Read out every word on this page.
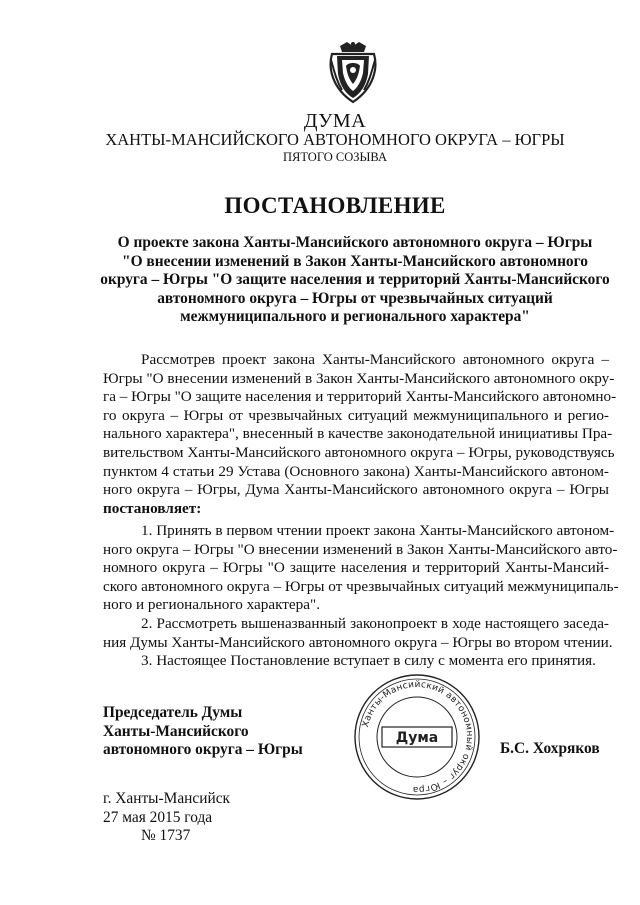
ДУМА
ХАНТЫ-МАНСИЙСКОГО АВТОНОМНОГО ОКРУГА – ЮГРЫ
ПЯТОГО СОЗЫВА
ПОСТАНОВЛЕНИЕ
О проекте закона Ханты-Мансийского автономного округа – Югры
"О внесении изменений в Закон Ханты-Мансийского автономного
округа – Югры "О защите населения и территорий Ханты-Мансийского
автономного округа – Югры от чрезвычайных ситуаций
межмуниципального и регионального характера"
Рассмотрев проект закона Ханты-Мансийского автономного округа –
Югры "О внесении изменений в Закон Ханты-Мансийского автономного окру-
га – Югры "О защите населения и территорий Ханты-Мансийского автономно-
го округа – Югры от чрезвычайных ситуаций межмуниципального и регио-
нального характера", внесенный в качестве законодательной инициативы Пра-
вительством Ханты-Мансийского автономного округа – Югры, руководствуясь
пунктом 4 статьи 29 Устава (Основного закона) Ханты-Мансийского автоном-
ного округа – Югры, Дума Ханты-Мансийского автономного округа – Югры
постановляет:
1. Принять в первом чтении проект закона Ханты-Мансийского автоном-
ного округа – Югры "О внесении изменений в Закон Ханты-Мансийского авто-
номного округа – Югры "О защите населения и территорий Ханты-Мансий-
ского автономного округа – Югры от чрезвычайных ситуаций межмуниципаль-
ного и регионального характера".
2. Рассмотреть вышеназванный законопроект в ходе настоящего заседа-
ния Думы Ханты-Мансийского автономного округа – Югры во втором чтении.
3. Настоящее Постановление вступает в силу с момента его принятия.
Председатель Думы
Ханты-Мансийского
автономного округа – Югры
Ханты-Мансийский автономный округ – Югра
Дума
Б.С. Хохряков
г. Ханты-Мансийск
27 мая 2015 года
№ 1737
